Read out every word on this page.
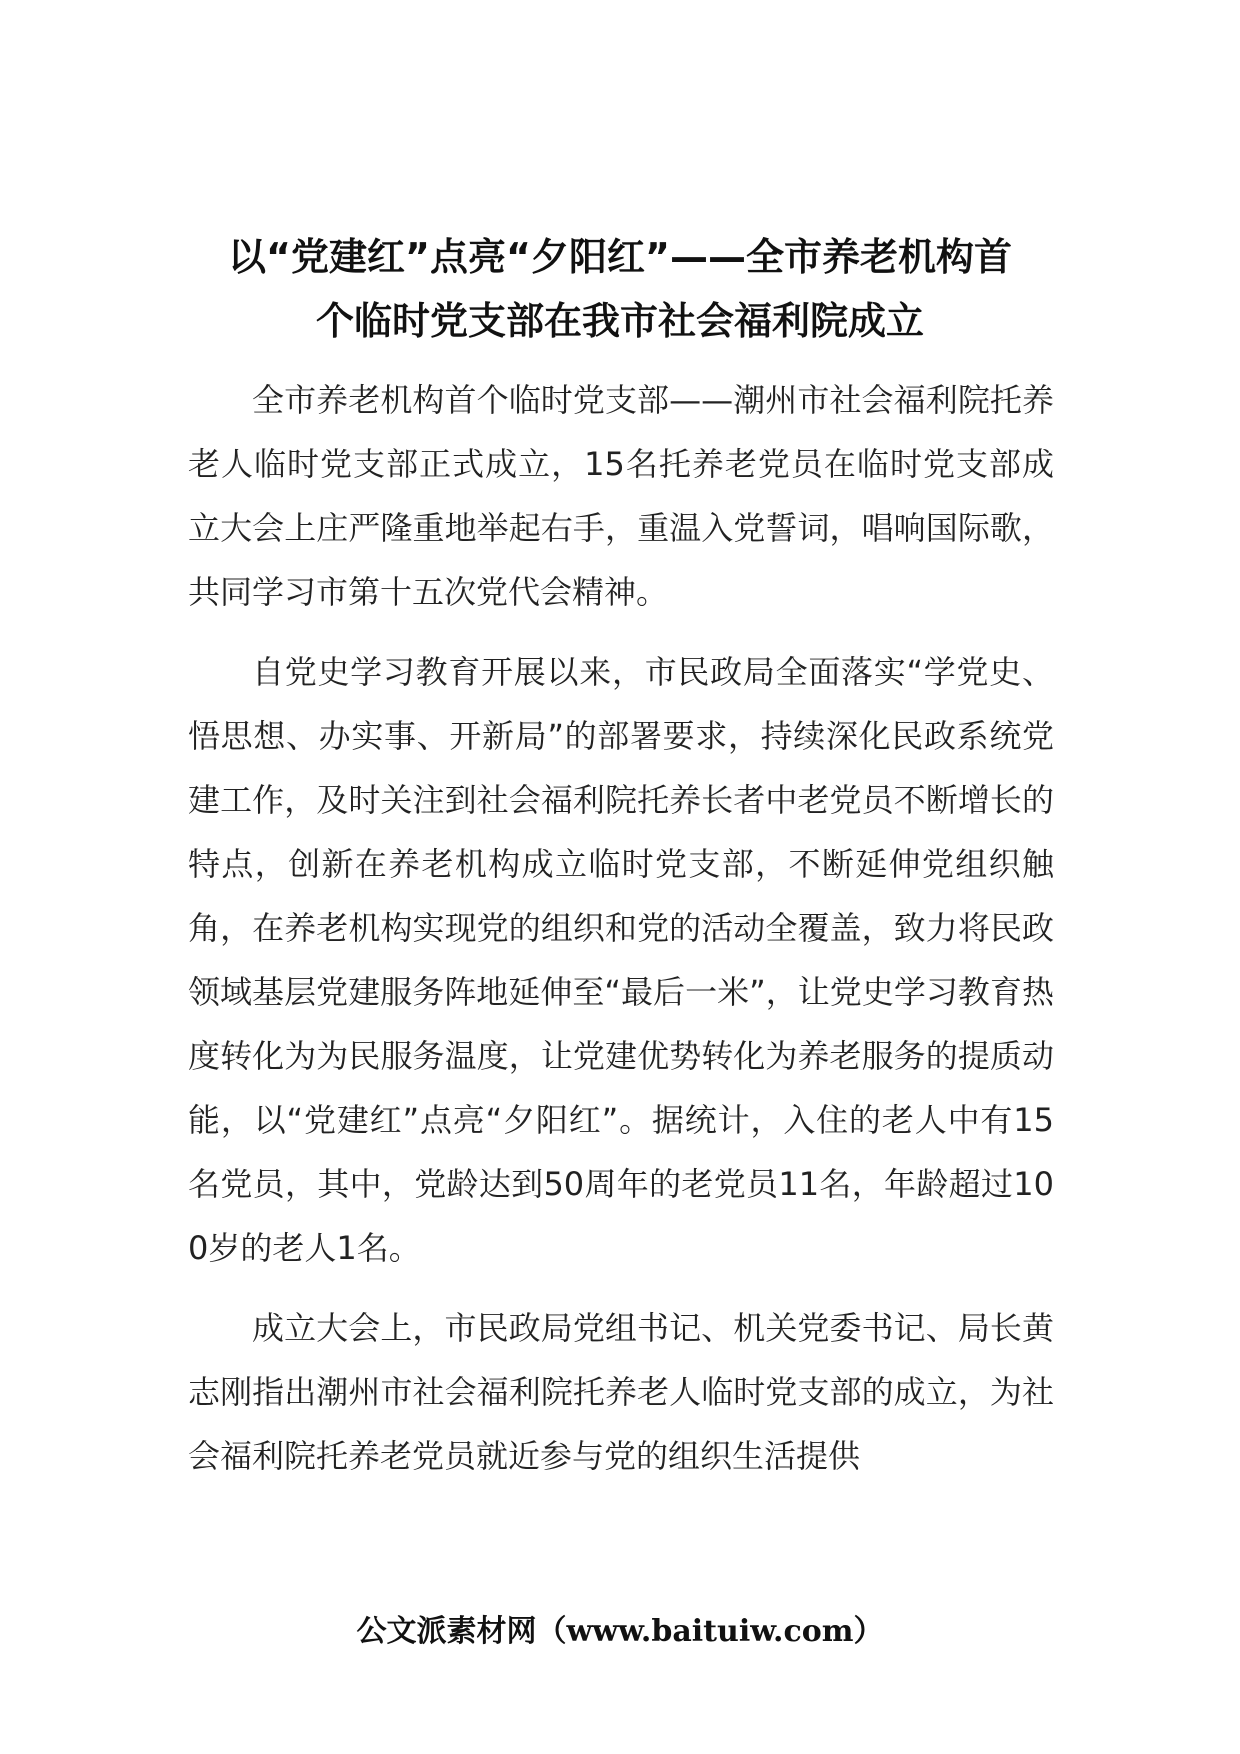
以“党建红”点亮“夕阳红”——全市养老机构首
个临时党支部在我市社会福利院成立

全市养老机构首个临时党支部——潮州市社会福利院托养老人临时党支部正式成立，15名托养老党员在临时党支部成立大会上庄严隆重地举起右手，重温入党誓词，唱响国际歌，共同学习市第十五次党代会精神。

自党史学习教育开展以来，市民政局全面落实“学党史、悟思想、办实事、开新局”的部署要求，持续深化民政系统党建工作，及时关注到社会福利院托养长者中老党员不断增长的特点，创新在养老机构成立临时党支部，不断延伸党组织触角，在养老机构实现党的组织和党的活动全覆盖，致力将民政领域基层党建服务阵地延伸至“最后一米”，让党史学习教育热度转化为为民服务温度，让党建优势转化为养老服务的提质动能，以“党建红”点亮“夕阳红”。据统计，入住的老人中有15名党员，其中，党龄达到50周年的老党员11名，年龄超过100岁的老人1名。

成立大会上，市民政局党组书记、机关党委书记、局长黄志刚指出潮州市社会福利院托养老人临时党支部的成立，为社会福利院托养老党员就近参与党的组织生活提供

公文派素材网（www.baituiw.com）
